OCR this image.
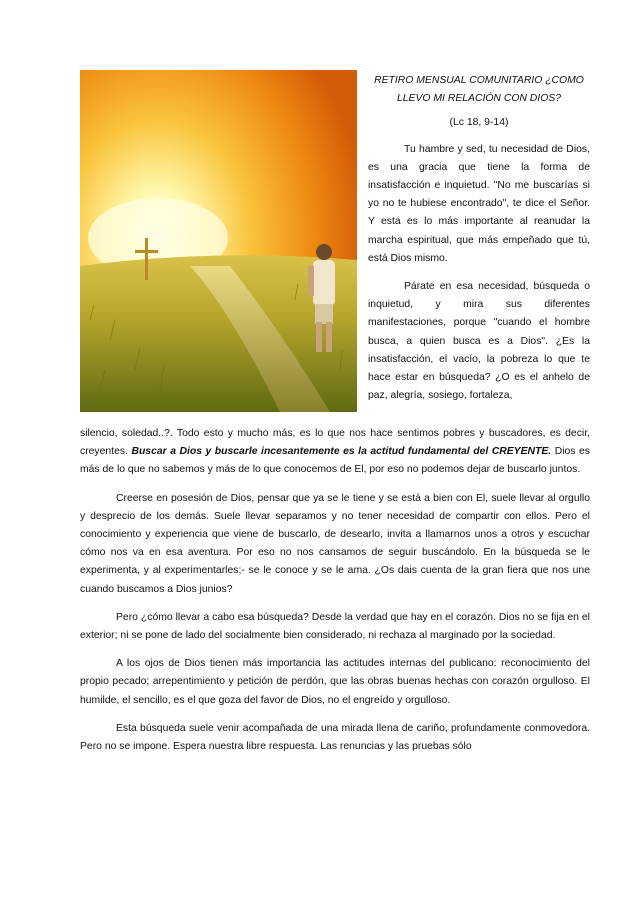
RETIRO MENSUAL COMUNITARIO ¿COMO LLEVO MI RELACIÓN CON DIOS?

(Lc 18, 9-14)

Tu hambre y sed, tu necesidad de Dios, es una gracia que tiene la forma de insatisfacción e inquietud. "No me buscarías si yo no te hubiese encontrado", te dice el Señor. Y esta es lo más importante al reanudar la marcha espiritual, que más empeñado que tú, está Dios mismo.

Párate en esa necesidad, búsqueda o inquietud, y mira sus diferentes manifestaciones, porque "cuando el hombre busca, a quien busca es a Dios". ¿Es la insatisfacción, el vacío, la pobreza lo que te hace estar en búsqueda? ¿O es el anhelo de paz, alegría, sosiego, fortaleza,

silencio, soledad..?. Todo esto y mucho más, es lo que nos hace sentimos pobres y buscadores, es decir, creyentes. Buscar a Dios y buscarle incesantemente es la actitud fundamental del CREYENTE. Dios es más de lo que no sabemos y más de lo que conocemos de El, por eso no podemos dejar de buscarlo juntos.

Creerse en posesión de Dios, pensar que ya se le tiene y se está a bien con El, suele llevar al orgullo y desprecio de los demás. Suele llevar separamos y no tener necesidad de compartir con ellos. Pero el conocimiento y experiencia que viene de buscarlo, de desearlo, invita a llamarnos unos a otros y escuchar cómo nos va en esa aventura. Por eso no nos cansamos de seguir buscándolo. En la búsqueda se le experimenta, y al experimentarles;- se le conoce y se le ama. ¿Os dais cuenta de la gran fiera que nos une cuando buscamos a Dios junios?

Pero ¿cómo llevar a cabo esa búsqueda? Desde la verdad que hay en el corazón. Dios no se fija en el exterior; ni se pone de lado del socialmente bien considerado, ni rechaza al marginado por la sociedad.

A los ojos de Dios tienen más importancia las actitudes internas del publicano: reconocimiento del propio pecado; arrepentimiento y petición de perdón, que las obras buenas hechas con corazón orgulloso. El humilde, el sencillo, es el que goza del favor de Dios, no el engreído y orgulloso.

Esta búsqueda suele venir acompañada de una mirada llena de cariño, profundamente conmovedora. Pero no se impone. Espera nuestra libre respuesta. Las renuncias y las pruebas sólo
